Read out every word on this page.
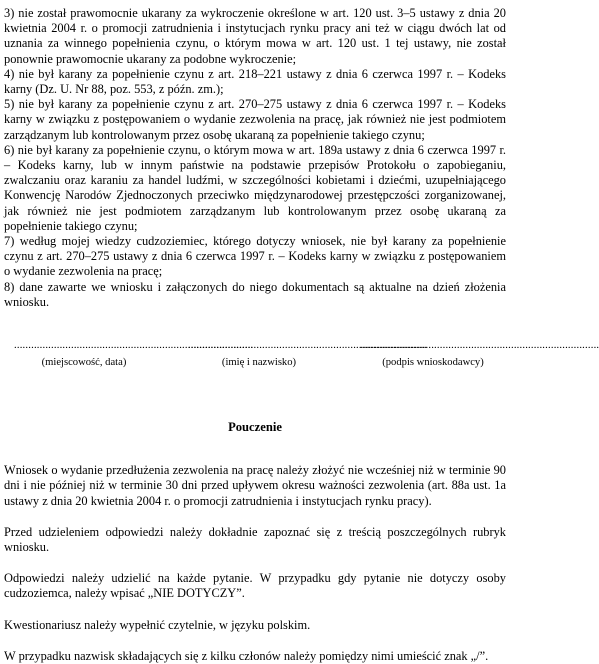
3) nie został prawomocnie ukarany za wykroczenie określone w art. 120 ust. 3–5 ustawy z dnia 20 kwietnia 2004 r. o promocji zatrudnienia i instytucjach rynku pracy ani też w ciągu dwóch lat od uznania za winnego popełnienia czynu, o którym mowa w art. 120 ust. 1 tej ustawy, nie został ponownie prawomocnie ukarany za podobne wykroczenie;

4) nie był karany za popełnienie czynu z art. 218–221 ustawy z dnia 6 czerwca 1997 r. – Kodeks karny (Dz. U. Nr 88, poz. 553, z późn. zm.);

5) nie był karany za popełnienie czynu z art. 270–275 ustawy z dnia 6 czerwca 1997 r. – Kodeks karny w związku z postępowaniem o wydanie zezwolenia na pracę, jak również nie jest podmiotem zarządzanym lub kontrolowanym przez osobę ukaraną za popełnienie takiego czynu;

6) nie był karany za popełnienie czynu, o którym mowa w art. 189a ustawy z dnia 6 czerwca 1997 r. – Kodeks karny, lub w innym państwie na podstawie przepisów Protokołu o zapobieganiu, zwalczaniu oraz karaniu za handel ludźmi, w szczególności kobietami i dziećmi, uzupełniającego Konwencję Narodów Zjednoczonych przeciwko międzynarodowej przestępczości zorganizowanej, jak również nie jest podmiotem zarządzanym lub kontrolowanym przez osobę ukaraną za popełnienie takiego czynu;

7) według mojej wiedzy cudzoziemiec, którego dotyczy wniosek, nie był karany za popełnienie czynu z art. 270–275 ustawy z dnia 6 czerwca 1997 r. – Kodeks karny w związku z postępowaniem o wydanie zezwolenia na pracę;

8) dane zawarte we wniosku i załączonych do niego dokumentach są aktualne na dzień złożenia wniosku.

....................................................................................
(miejscowość, data)
....................................................................................
(imię i nazwisko)
....................................................................................
(podpis wnioskodawcy)
Pouczenie

Wniosek o wydanie przedłużenia zezwolenia na pracę należy złożyć nie wcześniej niż w terminie 90 dni i nie później niż w terminie 30 dni przed upływem okresu ważności zezwolenia (art. 88a ust. 1a ustawy z dnia 20 kwietnia 2004 r. o promocji zatrudnienia i instytucjach rynku pracy).

Przed udzieleniem odpowiedzi należy dokładnie zapoznać się z treścią poszczególnych rubryk wniosku.

Odpowiedzi należy udzielić na każde pytanie. W przypadku gdy pytanie nie dotyczy osoby cudzoziemca, należy wpisać „NIE DOTYCZY”.

Kwestionariusz należy wypełnić czytelnie, w języku polskim.

W przypadku nazwisk składających się z kilku członów należy pomiędzy nimi umieścić znak „/”.
